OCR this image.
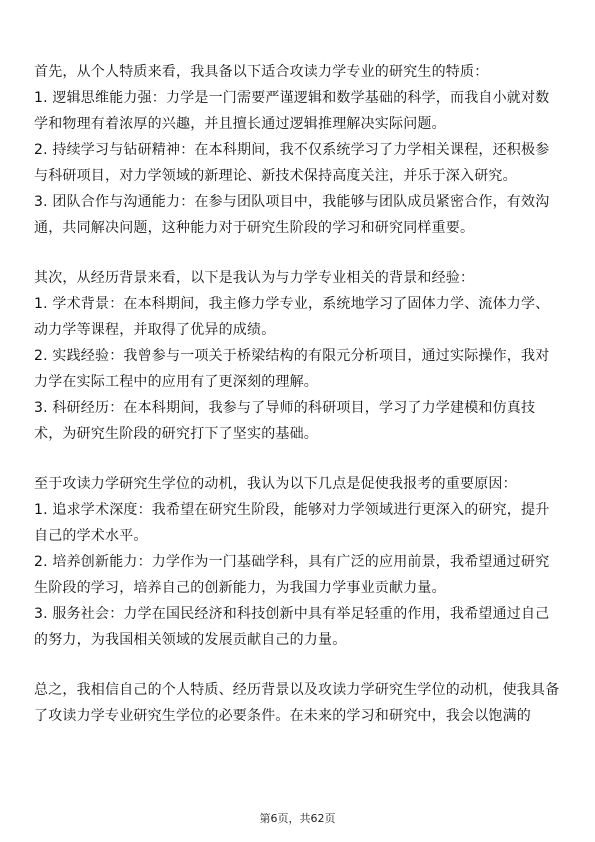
首先，从个人特质来看，我具备以下适合攻读力学专业的研究生的特质：

1. 逻辑思维能力强：力学是一门需要严谨逻辑和数学基础的科学，而我自小就对数学和物理有着浓厚的兴趣，并且擅长通过逻辑推理解决实际问题。

2. 持续学习与钻研精神：在本科期间，我不仅系统学习了力学相关课程，还积极参与科研项目，对力学领域的新理论、新技术保持高度关注，并乐于深入研究。

3. 团队合作与沟通能力：在参与团队项目中，我能够与团队成员紧密合作，有效沟通，共同解决问题，这种能力对于研究生阶段的学习和研究同样重要。

其次，从经历背景来看，以下是我认为与力学专业相关的背景和经验：

1. 学术背景：在本科期间，我主修力学专业，系统地学习了固体力学、流体力学、动力学等课程，并取得了优异的成绩。

2. 实践经验：我曾参与一项关于桥梁结构的有限元分析项目，通过实际操作，我对力学在实际工程中的应用有了更深刻的理解。

3. 科研经历：在本科期间，我参与了导师的科研项目，学习了力学建模和仿真技术，为研究生阶段的研究打下了坚实的基础。

至于攻读力学研究生学位的动机，我认为以下几点是促使我报考的重要原因：

1. 追求学术深度：我希望在研究生阶段，能够对力学领域进行更深入的研究，提升自己的学术水平。

2. 培养创新能力：力学作为一门基础学科，具有广泛的应用前景，我希望通过研究生阶段的学习，培养自己的创新能力，为我国力学事业贡献力量。

3. 服务社会：力学在国民经济和科技创新中具有举足轻重的作用，我希望通过自己的努力，为我国相关领域的发展贡献自己的力量。

总之，我相信自己的个人特质、经历背景以及攻读力学研究生学位的动机，使我具备了攻读力学专业研究生学位的必要条件。在未来的学习和研究中，我会以饱满的

第6页，共62页
